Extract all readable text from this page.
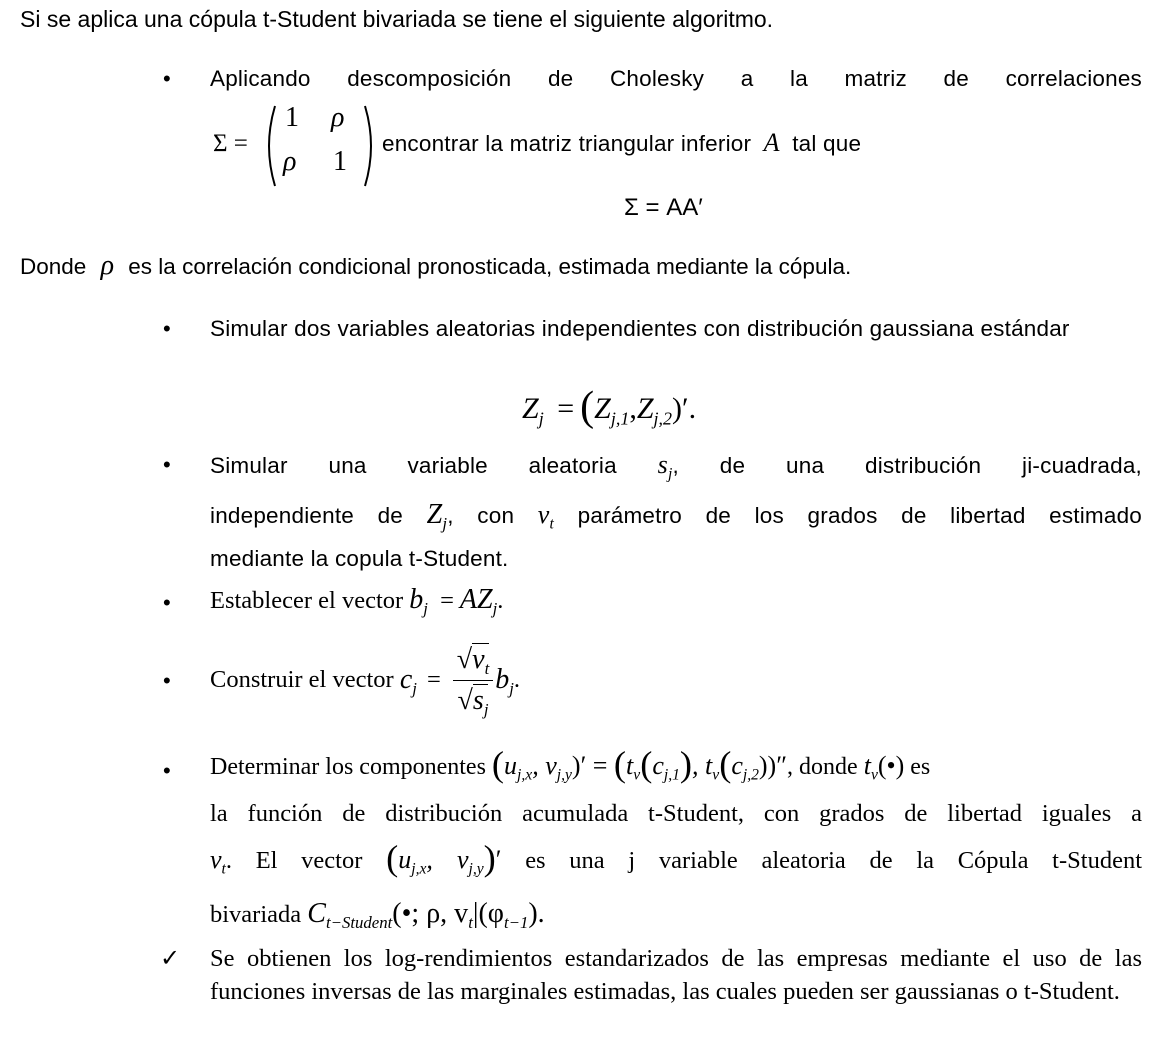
Si se aplica una cópula t-Student bivariada se tiene el siguiente algoritmo.
• Aplicando descomposición de Cholesky a la matriz de correlaciones
Σ =
1 ρ
ρ 1
encontrar la matriz triangular inferior A tal que
Σ = AA′
Donde ρ es la correlación condicional pronosticada, estimada mediante la cópula.
• Simular dos variables aleatorias independientes con distribución gaussiana estándar
$Z_j = (Z_{j,1},Z_{j,2})'$.
• Simular una variable aleatoria $s_j$, de una distribución ji-cuadrada,
independiente de $Z_j$, con $v_t$ parámetro de los grados de libertad estimado
mediante la copula t-Student.
• Establecer el vector $b_j = AZ_j$.
• Construir el vector
$c_j = \frac{√v_t}{√s_j} b_j$ .
• Determinar los componentes ($u_{j,x}$, $v_{j,y})' = (t_v(c_{j,1})$, $t_v(c_{j,2}))''$, donde $t_v(•)$ es
la función de distribución acumulada t-Student, con grados de libertad iguales a
$v_t$. El vector ($u_{j,x}$, $v_{j,y})'$ es una j variable aleatoria de la Cópula t-Student
bivariada $C_{t-Student}(•$; ρ, $v_t|(\varphi_{t-1})$.
✓ Se obtienen los log-rendimientos estandarizados de las empresas mediante el uso de las funciones inversas de las marginales estimadas, las cuales pueden ser gaussianas o t-Student.
